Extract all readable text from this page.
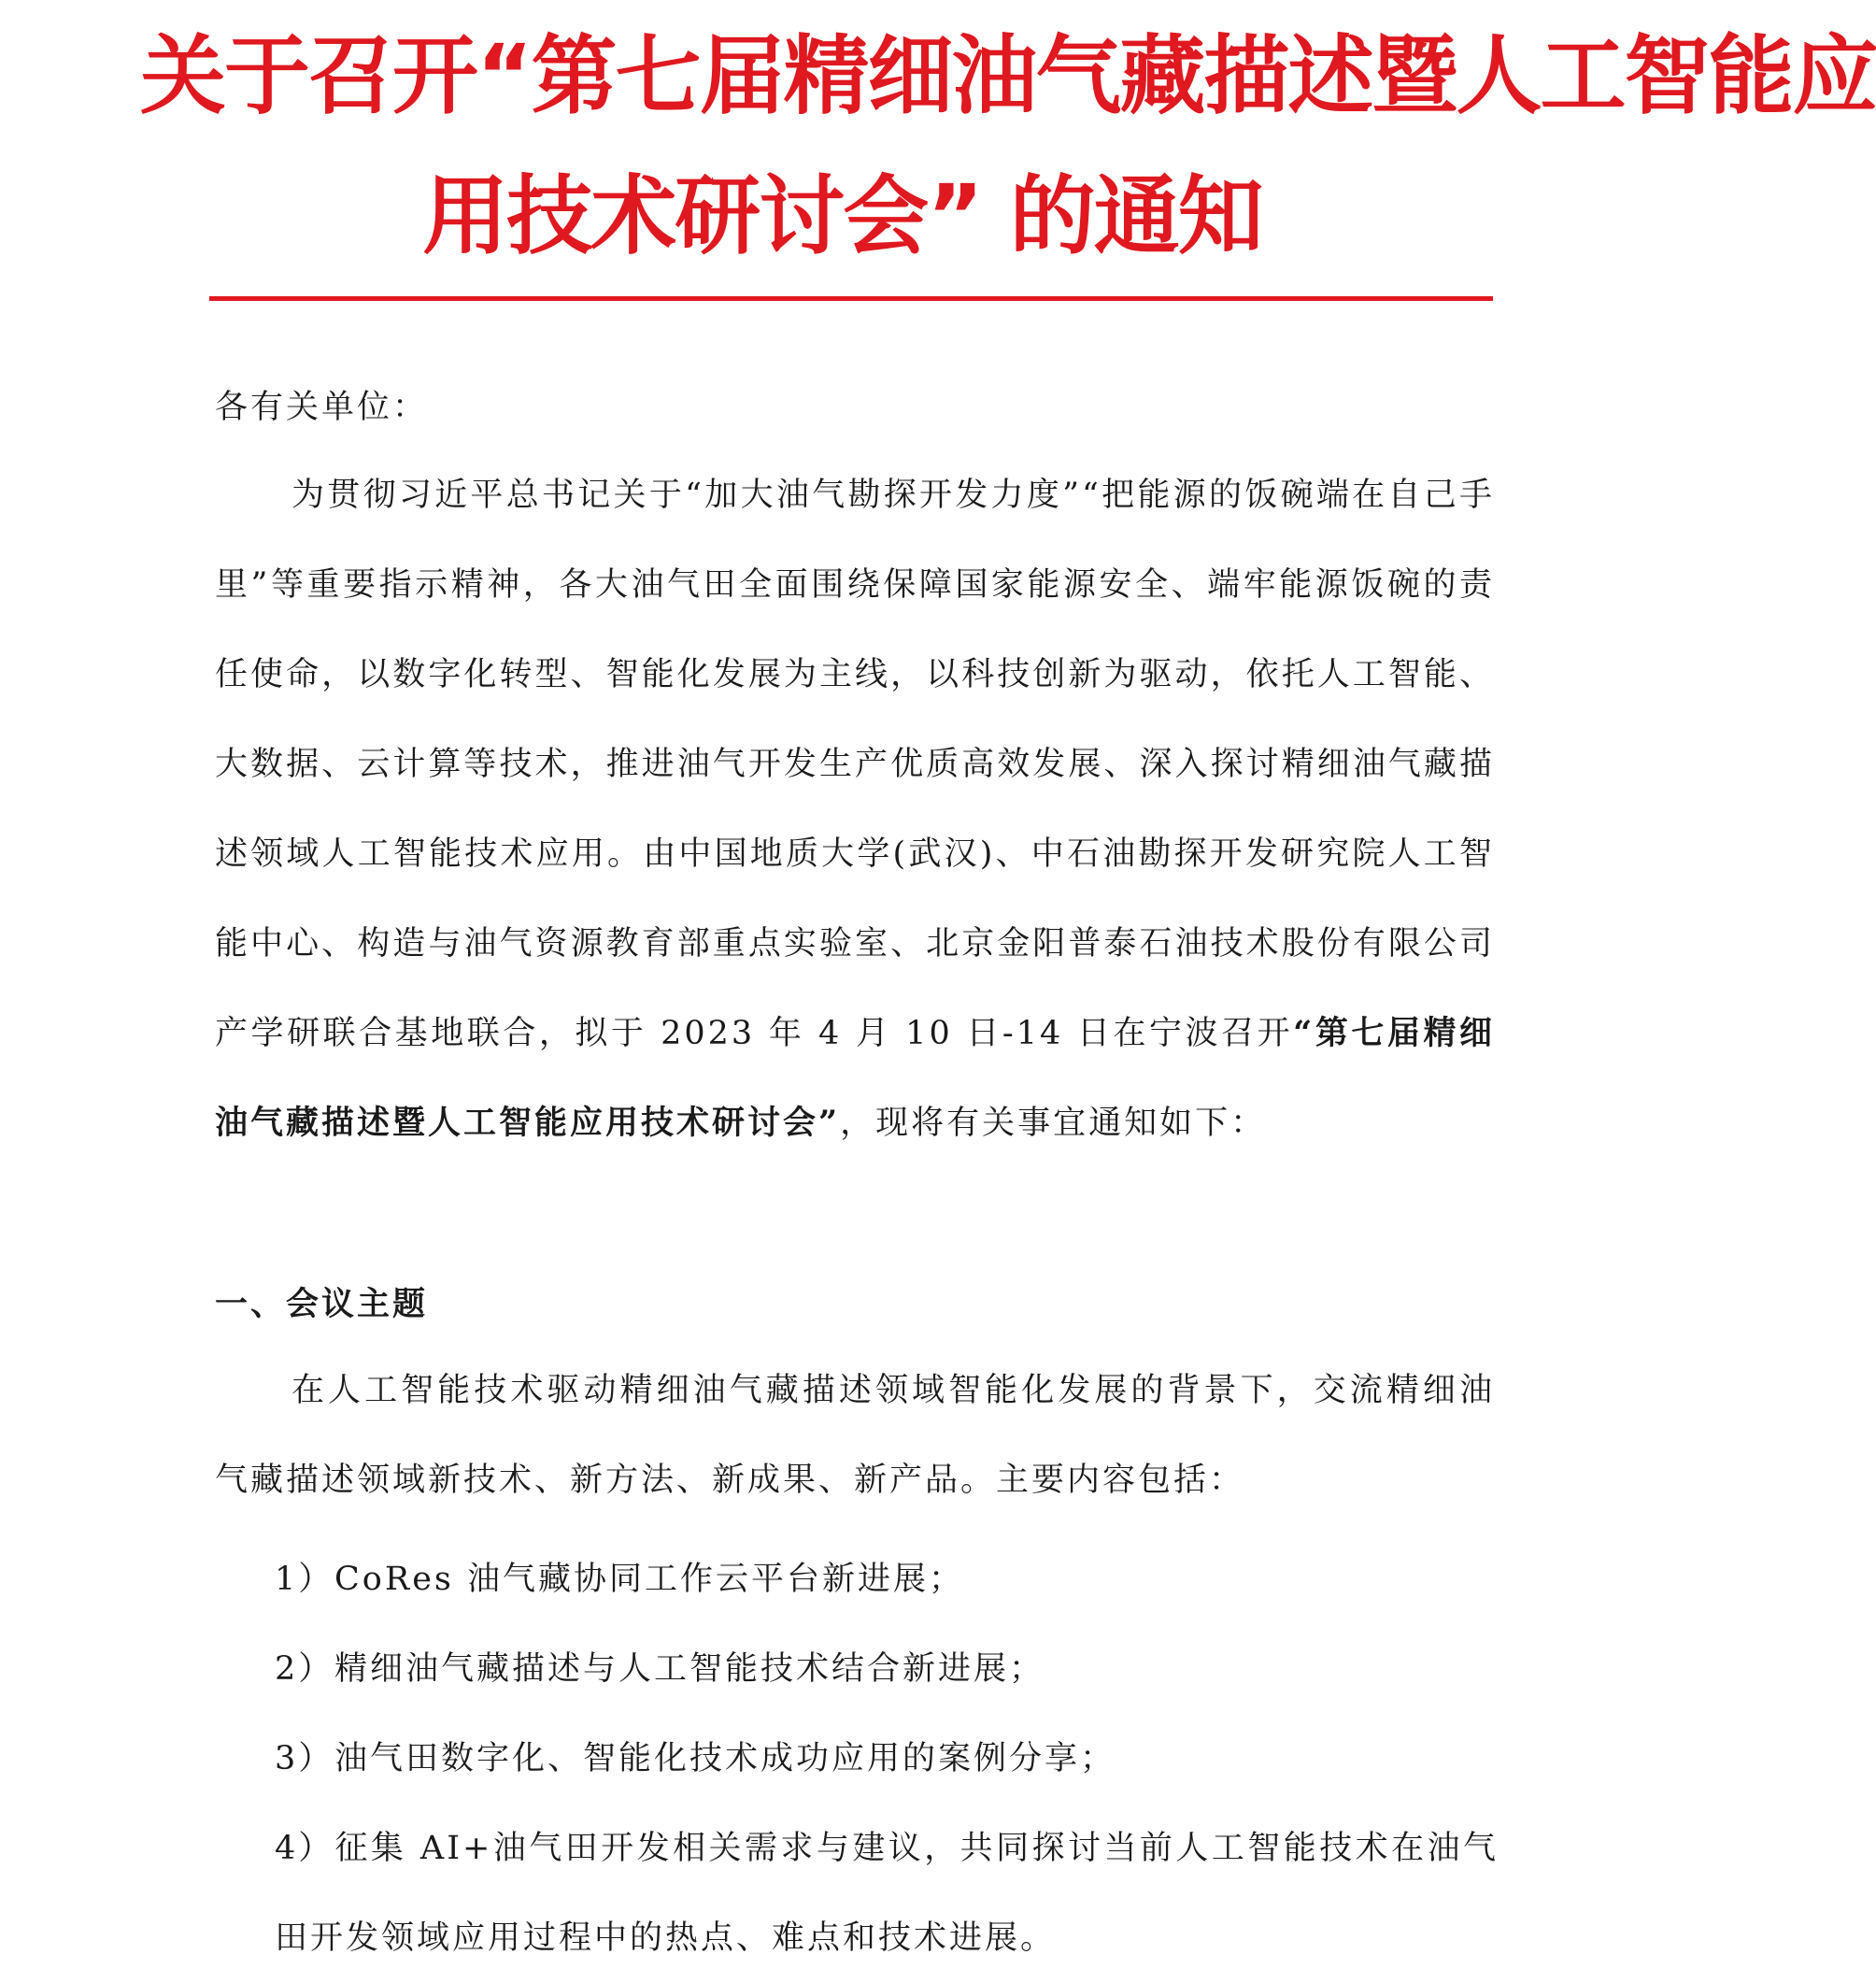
关于召开“第七届精细油气藏描述暨人工智能应
用技术研讨会” 的通知
各有关单位：
为贯彻习近平总书记关于“加大油气勘探开发力度”“把能源的饭碗端在自己手里”等重要指示精神，各大油气田全面围绕保障国家能源安全、端牢能源饭碗的责任使命，以数字化转型、智能化发展为主线，以科技创新为驱动，依托人工智能、大数据、云计算等技术，推进油气开发生产优质高效发展、深入探讨精细油气藏描述领域人工智能技术应用。由中国地质大学(武汉)、中石油勘探开发研究院人工智能中心、构造与油气资源教育部重点实验室、北京金阳普泰石油技术股份有限公司产学研联合基地联合，拟于 2023 年 4 月 10 日-14 日在宁波召开“第七届精细油气藏描述暨人工智能应用技术研讨会”，现将有关事宜通知如下：
一、会议主题
在人工智能技术驱动精细油气藏描述领域智能化发展的背景下，交流精细油气藏描述领域新技术、新方法、新成果、新产品。主要内容包括：
1）CoRes 油气藏协同工作云平台新进展；
2）精细油气藏描述与人工智能技术结合新进展；
3）油气田数字化、智能化技术成功应用的案例分享；
4）征集 AI+油气田开发相关需求与建议，共同探讨当前人工智能技术在油气田开发领域应用过程中的热点、难点和技术进展。
